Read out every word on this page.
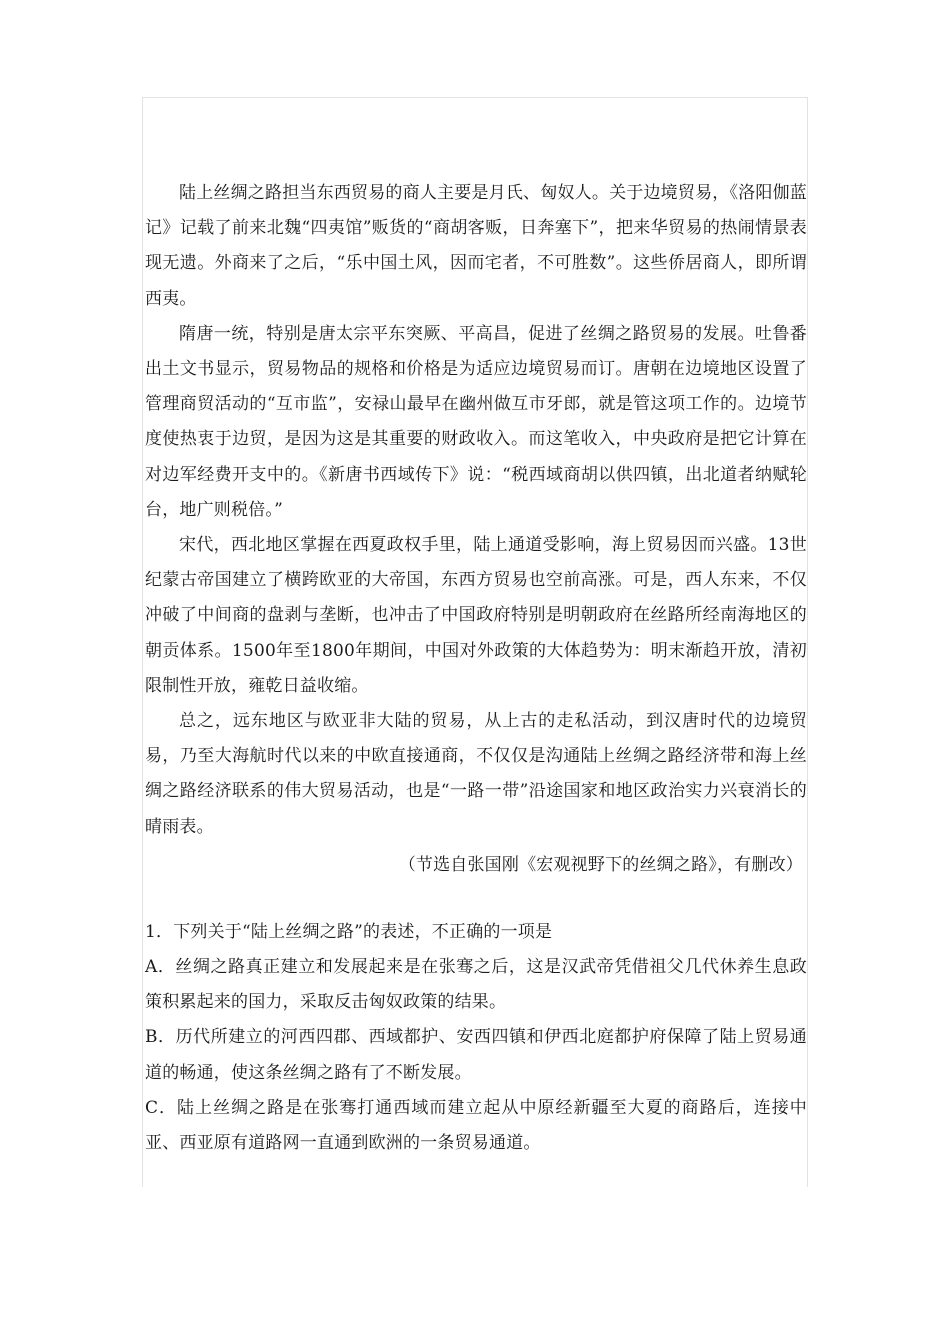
陆上丝绸之路担当东西贸易的商人主要是月氏、匈奴人。关于边境贸易，《洛阳伽蓝记》记载了前来北魏“四夷馆”贩货的“商胡客贩，日奔塞下”，把来华贸易的热闹情景表现无遗。外商来了之后，“乐中国土风，因而宅者，不可胜数”。这些侨居商人，即所谓西夷。

隋唐一统，特别是唐太宗平东突厥、平高昌，促进了丝绸之路贸易的发展。吐鲁番出土文书显示，贸易物品的规格和价格是为适应边境贸易而订。唐朝在边境地区设置了管理商贸活动的“互市监”，安禄山最早在幽州做互市牙郎，就是管这项工作的。边境节度使热衷于边贸，是因为这是其重要的财政收入。而这笔收入，中央政府是把它计算在对边军经费开支中的。《新唐书西域传下》说：“税西域商胡以供四镇，出北道者纳赋轮台，地广则税倍。”

宋代，西北地区掌握在西夏政权手里，陆上通道受影响，海上贸易因而兴盛。13世纪蒙古帝国建立了横跨欧亚的大帝国，东西方贸易也空前高涨。可是，西人东来，不仅冲破了中间商的盘剥与垄断，也冲击了中国政府特别是明朝政府在丝路所经南海地区的朝贡体系。1500年至1800年期间，中国对外政策的大体趋势为：明末渐趋开放，清初限制性开放，雍乾日益收缩。

总之，远东地区与欧亚非大陆的贸易，从上古的走私活动，到汉唐时代的边境贸易，乃至大海航时代以来的中欧直接通商，不仅仅是沟通陆上丝绸之路经济带和海上丝绸之路经济联系的伟大贸易活动，也是“一路一带”沿途国家和地区政治实力兴衰消长的晴雨表。

（节选自张国刚《宏观视野下的丝绸之路》，有删改）

1．下列关于“陆上丝绸之路”的表述，不正确的一项是

A．丝绸之路真正建立和发展起来是在张骞之后，这是汉武帝凭借祖父几代休养生息政策积累起来的国力，采取反击匈奴政策的结果。

B．历代所建立的河西四郡、西域都护、安西四镇和伊西北庭都护府保障了陆上贸易通道的畅通，使这条丝绸之路有了不断发展。

C．陆上丝绸之路是在张骞打通西域而建立起从中原经新疆至大夏的商路后，连接中亚、西亚原有道路网一直通到欧洲的一条贸易通道。
